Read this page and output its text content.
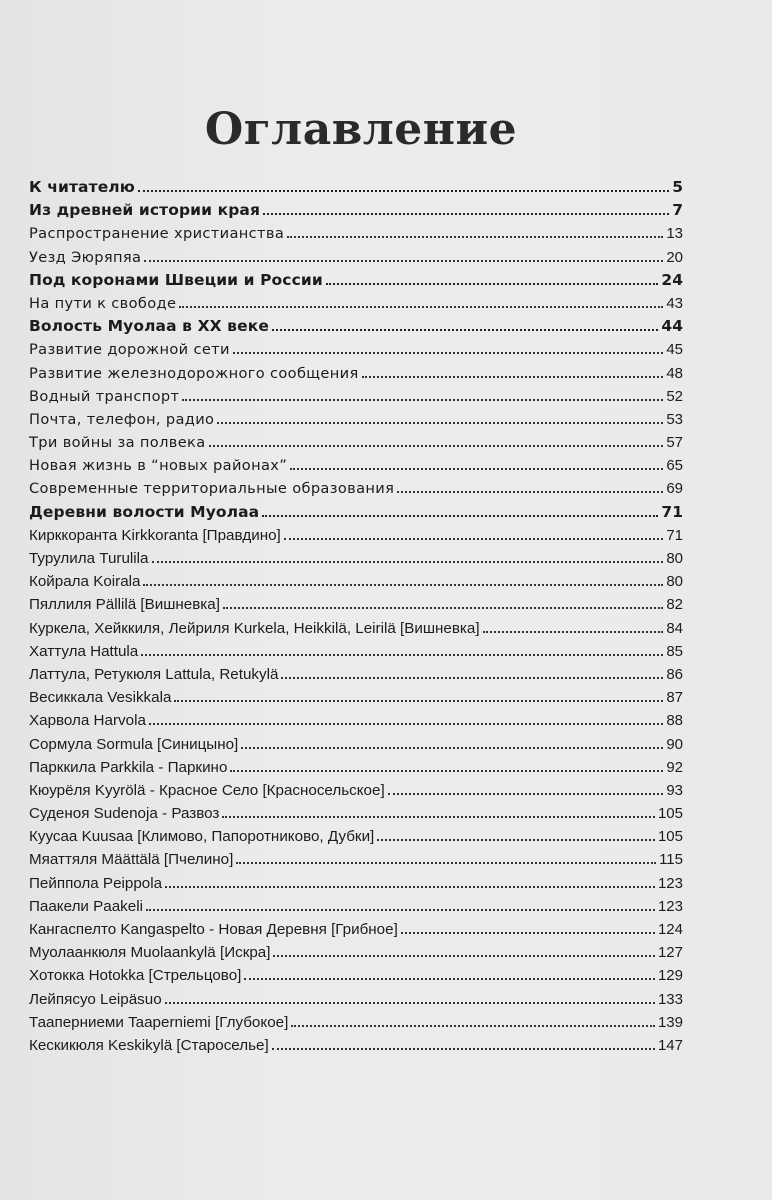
Оглавление
К читателю	5
Из древней истории края	7
Распространение христианства	13
Уезд Эюряпяа	20
Под коронами Швеции и России	24
На пути к свободе	43
Волость Муолаа в XX веке	44
Развитие дорожной сети	45
Развитие железнодорожного сообщения	48
Водный транспорт	52
Почта, телефон, радио	53
Три войны за полвека	57
Новая жизнь в “новых районах”	65
Современные территориальные образования	69
Деревни волости Муолаа	71
Кирккоранта Kirkkoranta [Правдино]	71
Турулила Turulila	80
Койрала Koirala	80
Пяллиля Pällilä [Вишневка]	82
Куркела, Хейккиля, Лейриля Kurkela, Heikkilä, Leirilä [Вишневка]	84
Хаттула Hattula	85
Латтула, Ретукюля Lattula, Retukylä	86
Весиккала Vesikkala	87
Харвола Harvola	88
Сормула Sormula [Синицыно]	90
Парккила Parkkila - Паркино	92
Кюурёля Kyyrölä - Красное Село [Красносельское]	93
Суденоя Sudenoja - Развоз	105
Куусаа Kuusaa [Климово, Папоротниково, Дубки]	105
Мяаттяля Määttälä [Пчелино]	115
Пейппола Peippola	123
Паакели Paakeli	123
Кангаспелто Kangaspelto - Новая Деревня [Грибное]	124
Муолаанкюля Muolaankylä [Искра]	127
Хотокка Hotokka [Стрельцово]	129
Лейпясуо Leipäsuo	133
Тааперниеми Taaperniemi [Глубокое]	139
Кескикюля Keskikylä [Староселье]	147
